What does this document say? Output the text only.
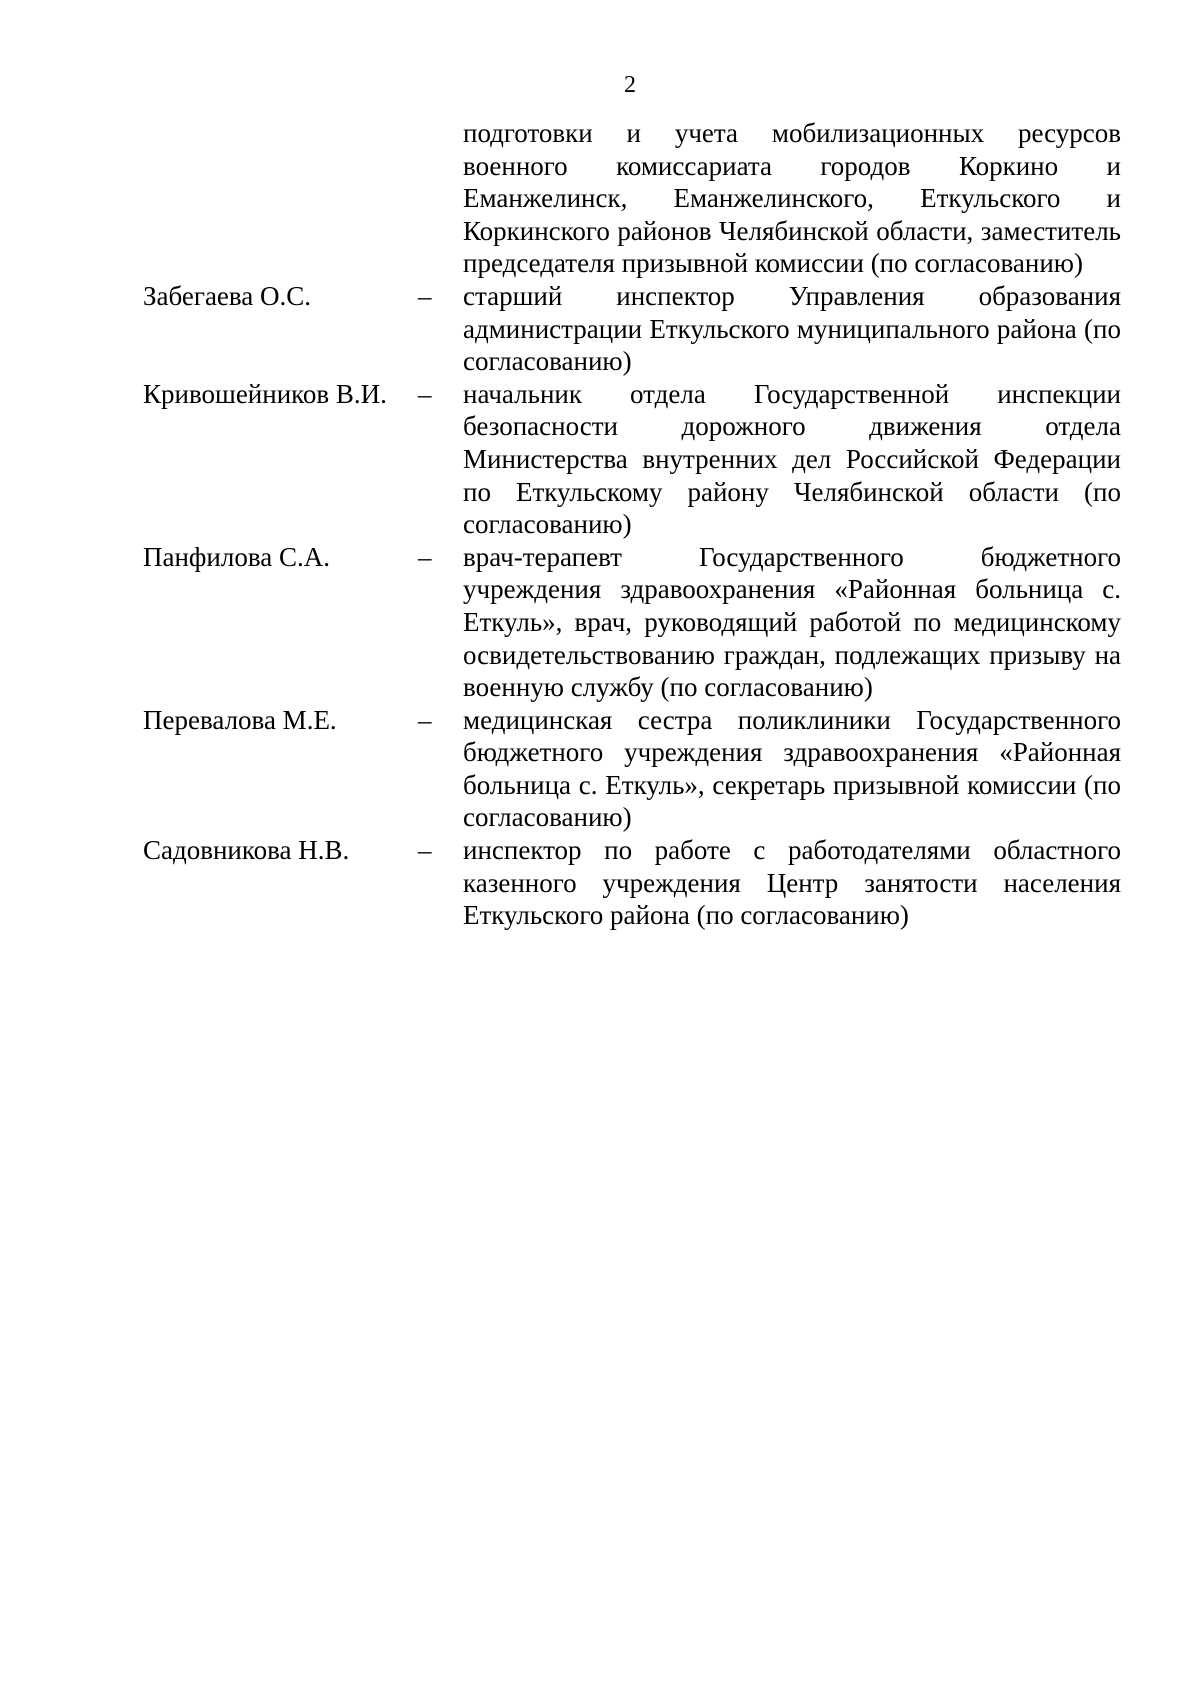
2
подготовки и учета мобилизационных ресурсов военного комиссариата городов Коркино и Еманжелинск, Еманжелинского, Еткульского и Коркинского районов Челябинской области, заместитель председателя призывной комиссии (по согласованию)
Забегаева О.С.	–	старший инспектор Управления образования администрации Еткульского муниципального района (по согласованию)
Кривошейников В.И.	–	начальник отдела Государственной инспекции безопасности дорожного движения отдела Министерства внутренних дел Российской Федерации по Еткульскому району Челябинской области (по согласованию)
Панфилова С.А.	–	врач-терапевт Государственного бюджетного учреждения здравоохранения «Районная больница с. Еткуль», врач, руководящий работой по медицинскому освидетельствованию граждан, подлежащих призыву на военную службу (по согласованию)
Перевалова М.Е.	–	медицинская сестра поликлиники Государственного бюджетного учреждения здравоохранения «Районная больница с. Еткуль», секретарь призывной комиссии (по согласованию)
Садовникова Н.В.	–	инспектор по работе с работодателями областного казенного учреждения Центр занятости населения Еткульского района (по согласованию)
